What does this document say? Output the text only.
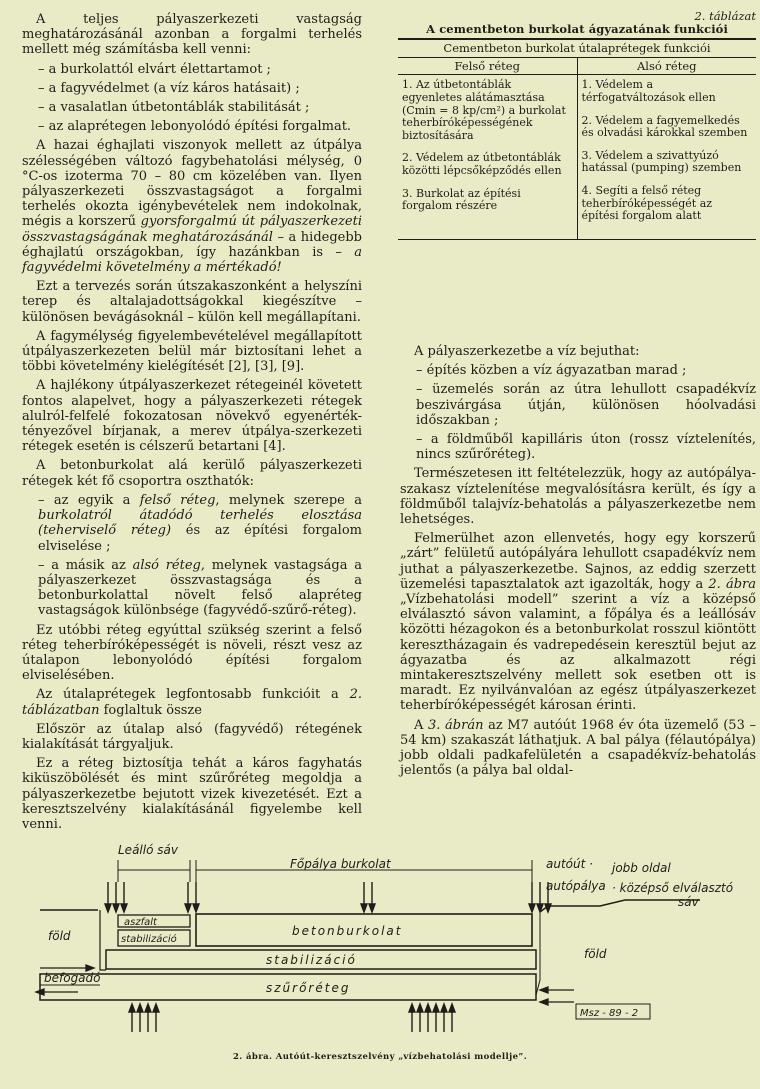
A teljes pályaszerkezeti vastagság meghatározásánál azonban a forgalmi terhelés mellett még számításba kell venni:

– a burkolattól elvárt élettartamot ;

– a fagyvédelmet (a víz káros hatásait) ;

– a vasalatlan útbetontáblák stabilitását ;

– az alaprétegen lebonyolódó építési forgalmat.

A hazai éghajlati viszonyok mellett az útpálya szélességében változó fagybehatolási mélység, 0 °C-os izoterma 70 – 80 cm közelében van. Ilyen pályaszerkezeti összvastagságot a forgalmi terhelés okozta igénybevételek nem indokolnak, mégis a korszerű gyorsforgalmú út pályaszerkezeti összvastagságának meghatározásánál – a hidegebb éghajlatú országokban, így hazánkban is – a fagyvédelmi követelmény a mértékadó!

Ezt a tervezés során útszakaszonként a helyszíni terep és altalajadottságokkal kiegészítve – különösen bevágásoknál – külön kell megállapítani.

A fagymélység figyelembevételével megállapított útpályaszerkezeten belül már biztosítani lehet a többi követelmény kielégítését [2], [3], [9].

A hajlékony útpályaszerkezet rétegeinél követett fontos alapelvet, hogy a pályaszerkezeti rétegek alulról-felfelé fokozatosan növekvő egyenérték-tényezővel bírjanak, a merev útpálya-szerkezeti rétegek esetén is célszerű betartani [4].

A betonburkolat alá kerülő pályaszerkezeti rétegek két fő csoportra oszthatók:

– az egyik a felső réteg, melynek szerepe a burkolatról átadódó terhelés elosztása (teherviselő réteg) és az építési forgalom elviselése ;

– a másik az alsó réteg, melynek vastagsága a pályaszerkezet összvastagsága és a betonburkolattal növelt felső alapréteg vastagságok különbsége (fagyvédő-szűrő-réteg).

Ez utóbbi réteg egyúttal szükség szerint a felső réteg teherbíróképességét is növeli, részt vesz az útalapon lebonyolódó építési forgalom elviselésében.

Az útalaprétegek legfontosabb funkcióit a 2. táblázatban foglaltuk össze

Először az útalap alsó (fagyvédő) rétegének kialakítását tárgyaljuk.

Ez a réteg biztosítja tehát a káros fagyhatás kiküszöbölését és mint szűrőréteg megoldja a pályaszerkezetbe bejutott vizek kivezetését. Ezt a keresztszelvény kialakításánál figyelembe kell venni.

2. táblázat
A cementbeton burkolat ágyazatának funkciói
Cementbeton burkolat útalaprétegek funkciói
Felső réteg	Alsó réteg
1. Az útbetontáblák egyenletes alátámasztása (Cmin = 8 kp/cm²) a burkolat teherbíróképességének biztosítására
2. Védelem az útbetontáblák közötti lépcsőképződés ellen
3. Burkolat az építési forgalom részére
1. Védelem a térfogatváltozások ellen
2. Védelem a fagyemelkedés és olvadási károkkal szemben
3. Védelem a szivattyúzó hatással (pumping) szemben
4. Segíti a felső réteg teherbíróképességét az építési forgalom alatt

A pályaszerkezetbe a víz bejuthat:

– építés közben a víz ágyazatban marad ;

– üzemelés során az útra lehullott csapadékvíz beszivárgása útján, különösen hóolvadási időszakban ;

– a földműből kapilláris úton (rossz víztelenítés, nincs szűrőréteg).

Természetesen itt feltételezzük, hogy az autópálya-szakasz víztelenítése megvalósításra került, és így a földműből talajvíz-behatolás a pályaszerkezetbe nem lehetséges.

Felmerülhet azon ellenvetés, hogy egy korszerű „zárt” felületű autópályára lehullott csapadékvíz nem juthat a pályaszerkezetbe. Sajnos, az eddig szerzett üzemelési tapasztalatok azt igazolták, hogy a 2. ábra „Vízbehatolási modell” szerint a víz a középső elválasztó sávon valamint, a főpálya és a leállósáv közötti hézagokon és a betonburkolat rosszul kiöntött keresztházagain és vadrepedésein keresztül bejut az ágyazatba és az alkalmazott régi mintakeresztszelvény mellett sok esetben ott is maradt. Ez nyilvánvalóan az egész útpályaszerkezet teherbíróképességét károsan érinti.

A 3. ábrán az M7 autóút 1968 év óta üzemelő (53 – 54 km) szakaszát láthatjuk. A bal pálya (félautópálya) jobb oldali padkafelületén a csapadékvíz-behatolás jelentős (a pálya bal oldal-

Leálló sáv
Főpálya burkolat	autóút · jobb oldal
autópálya · középső elválasztó
sáv
aszfalt
stabilizáció
betonburkolat
föld
föld
stabilizáció
befogadó
szűrőréteg
Msz - 89 - 2
2. ábra. Autóút-keresztszelvény „vízbehatolási modellje”.
